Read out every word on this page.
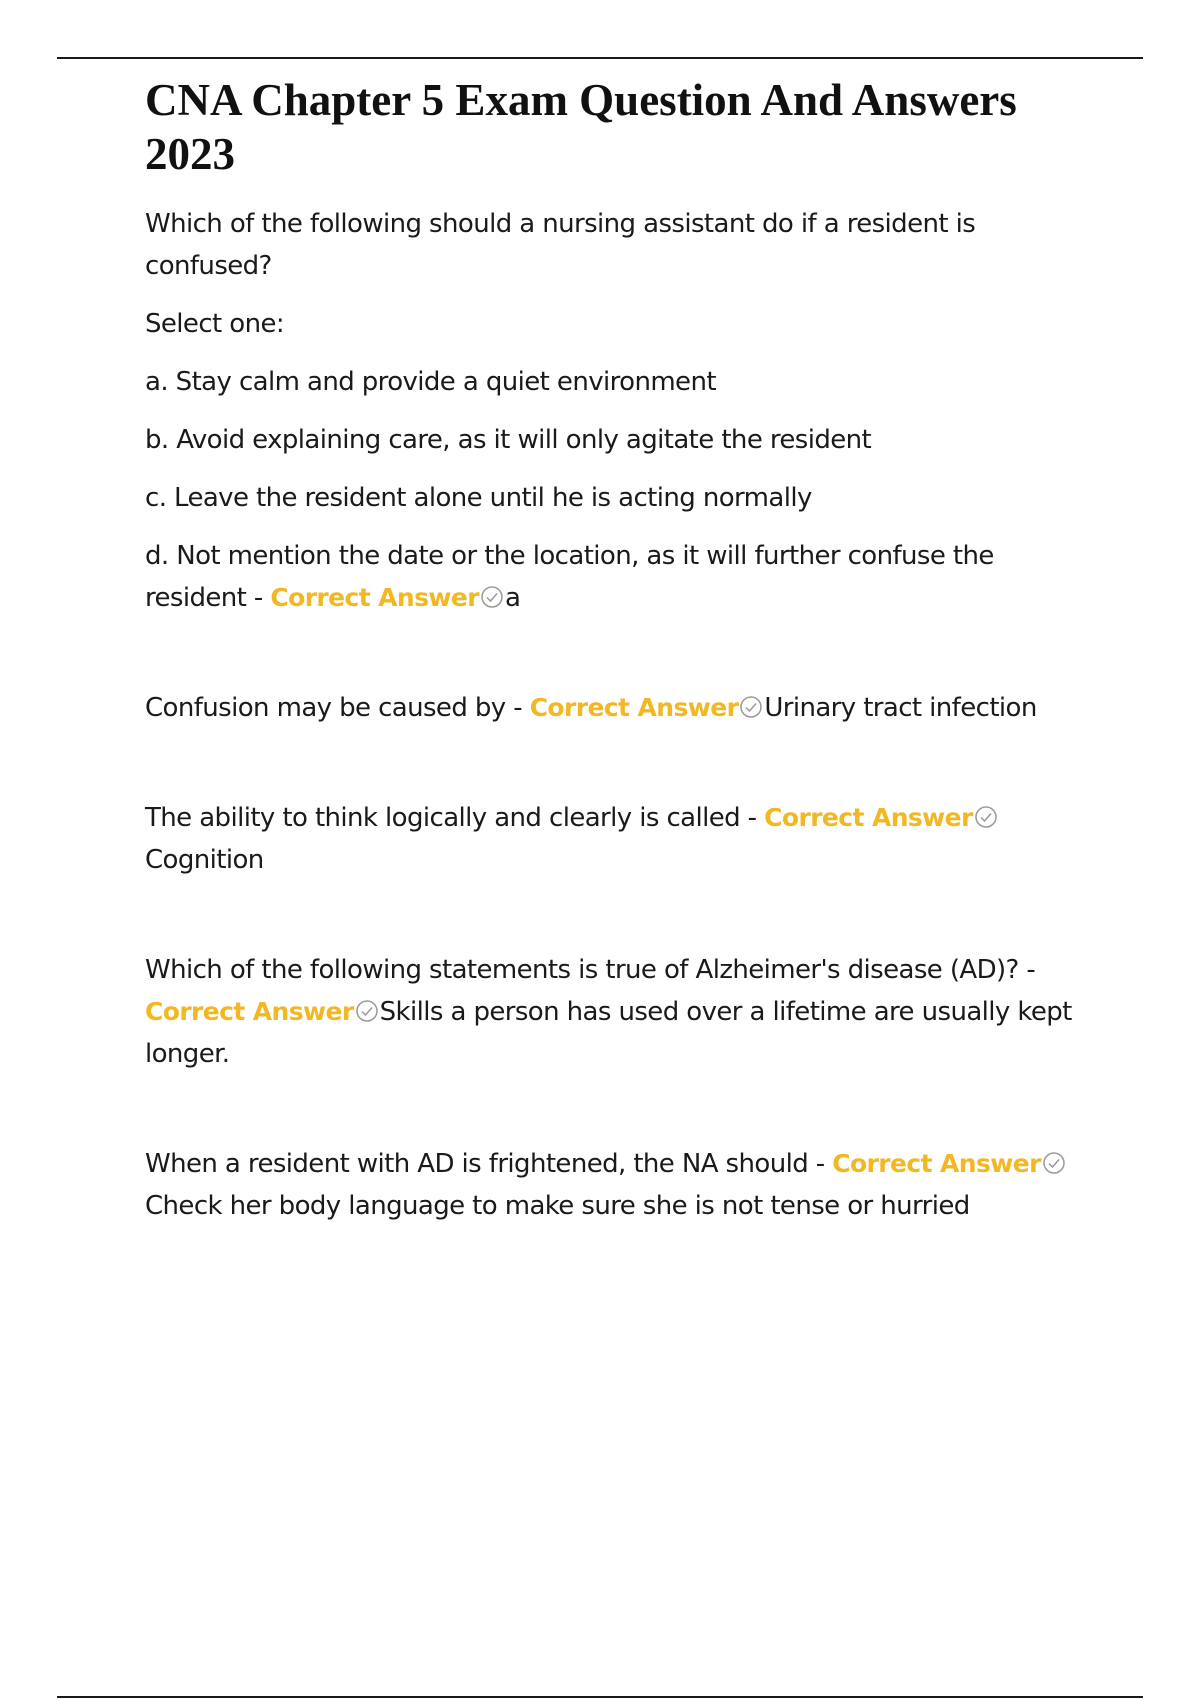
CNA Chapter 5 Exam Question And Answers 2023

Which of the following should a nursing assistant do if a resident is confused?

Select one:

a. Stay calm and provide a quiet environment

b. Avoid explaining care, as it will only agitate the resident

c. Leave the resident alone until he is acting normally

d. Not mention the date or the location, as it will further confuse the resident - Correct Answer a

Confusion may be caused by - Correct Answer Urinary tract infection

The ability to think logically and clearly is called - Correct AnswerCognition

Which of the following statements is true of Alzheimer's disease (AD)? - Correct Answer Skills a person has used over a lifetime are usually kept longer.

When a resident with AD is frightened, the NA should - Correct AnswerCheck her body language to make sure she is not tense or hurried
